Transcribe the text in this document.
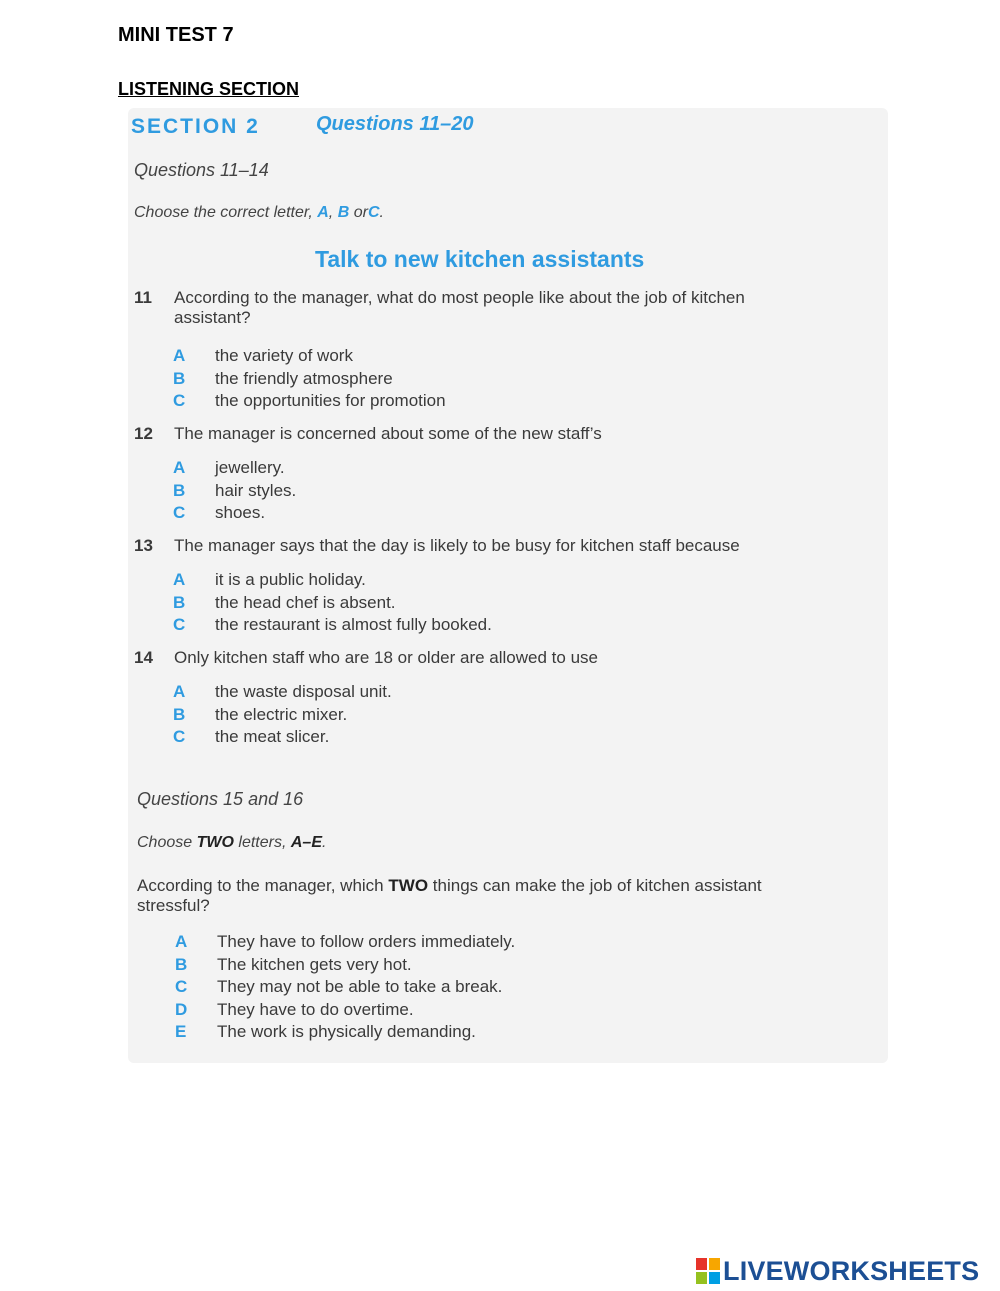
MINI TEST 7
LISTENING SECTION
SECTION 2	Questions 11–20
Questions 11–14
Choose the correct letter, A, B orC.
Talk to new kitchen assistants
11 According to the manager, what do most people like about the job of kitchen
assistant?
A the variety of work
B the friendly atmosphere
C the opportunities for promotion
12 The manager is concerned about some of the new staff’s
A jewellery.
B hair styles.
C shoes.
13 The manager says that the day is likely to be busy for kitchen staff because
A it is a public holiday.
B the head chef is absent.
C the restaurant is almost fully booked.
14 Only kitchen staff who are 18 or older are allowed to use
A the waste disposal unit.
B the electric mixer.
C the meat slicer.
Questions 15 and 16
Choose TWO letters, A–E.
According to the manager, which TWO things can make the job of kitchen assistant
stressful?
A They have to follow orders immediately.
B The kitchen gets very hot.
C They may not be able to take a break.
D They have to do overtime.
E The work is physically demanding.
LIVEWORKSHEETS
